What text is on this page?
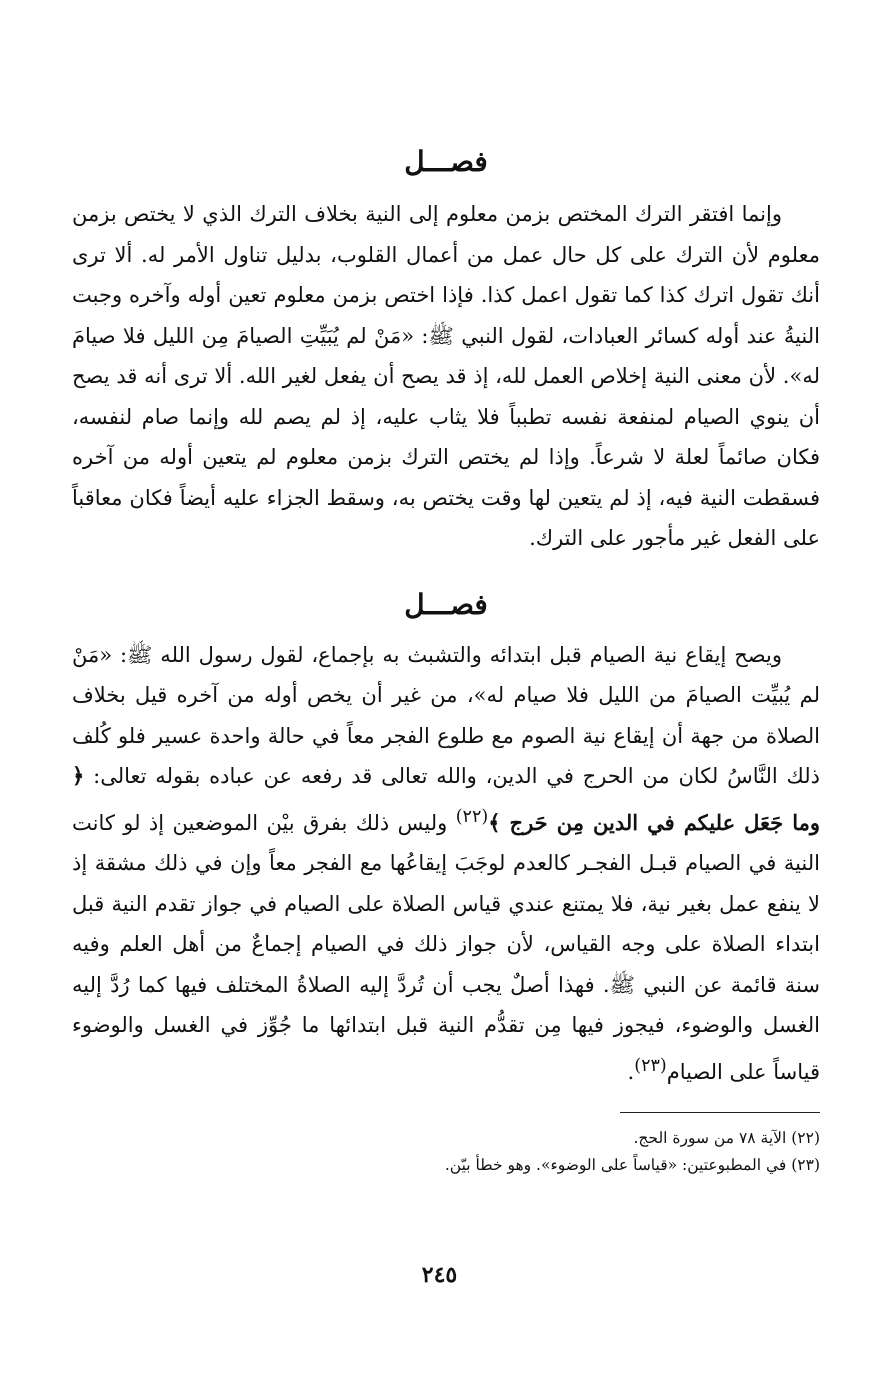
فصـــل

وإنما افتقر الترك المختص بزمن معلوم إلى النية بخلاف الترك الذي لا يختص بزمن معلوم لأن الترك على كل حال عمل من أعمال القلوب، بدليل تناول الأمر له. ألا ترى أنك تقول اترك كذا كما تقول اعمل كذا. فإذا اختص بزمن معلوم تعين أوله وآخره وجبت النيةُ عند أوله كسائر العبادات، لقول النبي ﷺ: «مَنْ لم يُبَيِّتِ الصيامَ مِن الليل فلا صيامَ له». لأن معنى النية إخلاص العمل لله، إذ قد يصح أن يفعل لغير الله. ألا ترى أنه قد يصح أن ينوي الصيام لمنفعة نفسه تطبباً فلا يثاب عليه، إذ لم يصم لله وإنما صام لنفسه، فكان صائماً لعلة لا شرعاً. وإذا لم يختص الترك بزمن معلوم لم يتعين أوله من آخره فسقطت النية فيه، إذ لم يتعين لها وقت يختص به، وسقط الجزاء عليه أيضاً فكان معاقباً على الفعل غير مأجور على الترك.

فصـــل

ويصح إيقاع نية الصيام قبل ابتدائه والتشبث به بإجماع، لقول رسول الله ﷺ: «مَنْ لم يُبيِّت الصيامَ من الليل فلا صيام له»، من غير أن يخص أوله من آخره قيل بخلاف الصلاة من جهة أن إيقاع نية الصوم مع طلوع الفجر معاً في حالة واحدة عسير فلو كُلف ذلك النَّاسُ لكان من الحرج في الدين، والله تعالى قد رفعه عن عباده بقوله تعالى: ﴿ وما جَعَل عليكم في الدين مِن حَرج ﴾$^{(٢٢)}$ وليس ذلك بفرق بيْن الموضعين إذ لو كانت النية في الصيام قبـل الفجـر كالعدم لوجَبَ إيقاعُها مع الفجر معاً وإن في ذلك مشقة إذ لا ينفع عمل بغير نية، فلا يمتنع عندي قياس الصلاة على الصيام في جواز تقدم النية قبل ابتداء الصلاة على وجه القياس، لأن جواز ذلك في الصيام إجماعٌ من أهل العلم وفيه سنة قائمة عن النبي ﷺ. فهذا أصلٌ يجب أن تُردَّ إليه الصلاةُ المختلف فيها كما رُدَّ إليه الغسل والوضوء، فيجوز فيها مِن تقدُّم النية قبل ابتدائها ما جُوِّز في الغسل والوضوء قياساً على الصيام$^{(٢٣)}$.

(٢٢) الآية ٧٨ من سورة الحج.

(٢٣) في المطبوعتين: «قياساً على الوضوء». وهو خطأ بيّن.

٢٤٥
